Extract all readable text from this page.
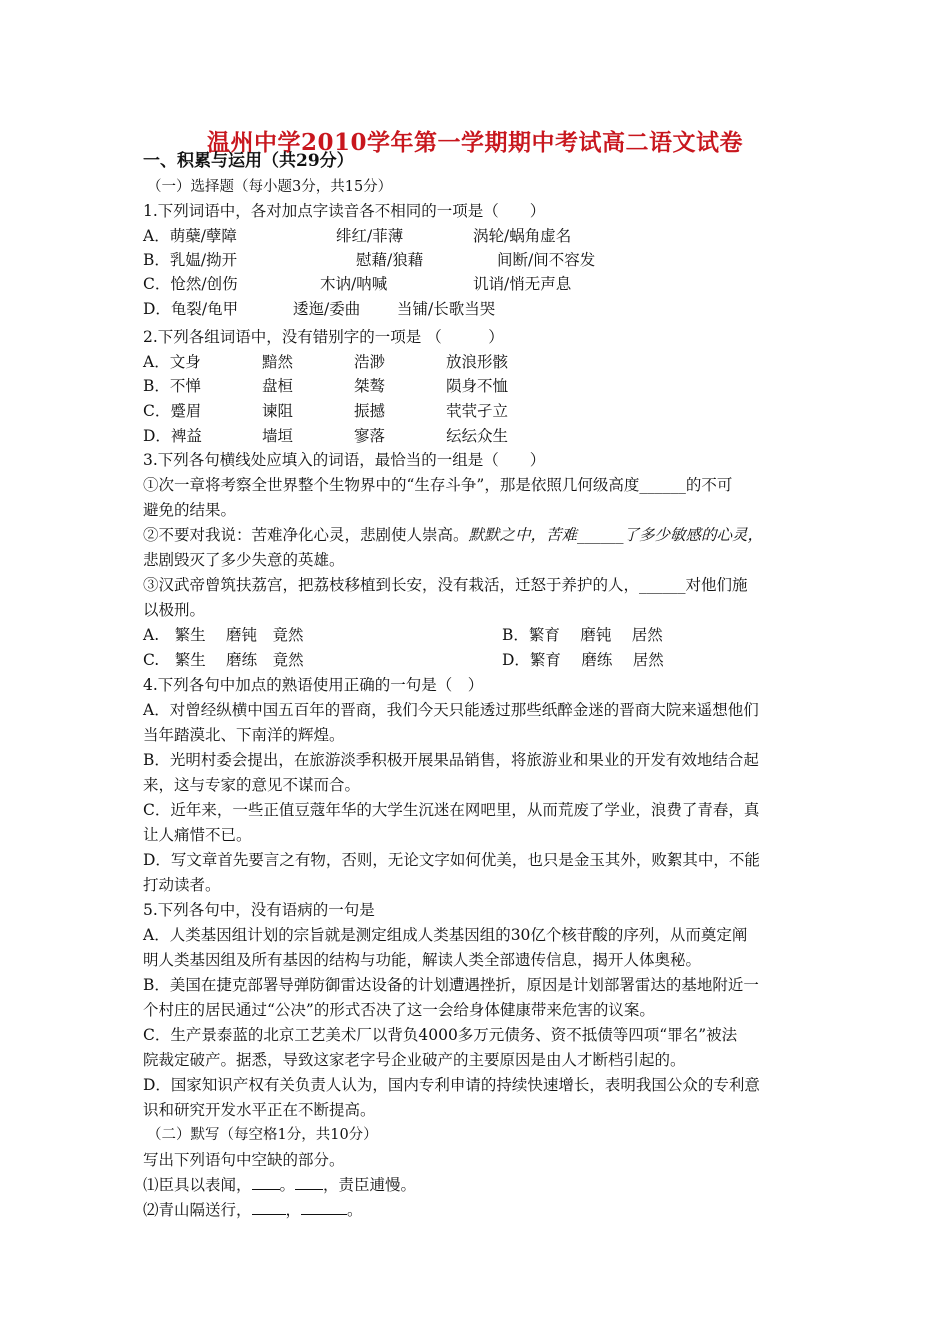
温州中学2010学年第一学期期中考试高二语文试卷
一、积累与运用（共29分）
（一）选择题（每小题3分，共15分）
1.下列词语中，各对加点字读音各不相同的一项是（　　）
A．萌蘖/孽障	绯红/菲薄	涡轮/蜗角虚名
B．乳媪/拗开	慰藉/狼藉	间断/间不容发
C．怆然/创伤	木讷/呐喊	讥诮/悄无声息
D．龟裂/龟甲	逶迤/委曲 当铺/长歌当哭
2.下列各组词语中，没有错别字的一项是 （　　　）
A．文身	黯然	浩渺	放浪形骸
B．不惮	盘桓	桀骜	陨身不恤
C．蹙眉	谏阻	振撼	茕茕孑立
D．裨益	墙垣	寥落	纭纭众生
3.下列各句横线处应填入的词语，最恰当的一组是（　　）
①次一章将考察全世界整个生物界中的“生存斗争”，那是依照几何级高度______的不可
避免的结果。
②不要对我说：苦难净化心灵，悲剧使人崇高。默默之中，苦难______了多少敏感的心灵，
悲剧毁灭了多少失意的英雄。
③汉武帝曾筑扶荔宫，把荔枝移植到长安，没有栽活，迁怒于养护的人，______对他们施
以极刑。
A.　繁生　 磨钝　竟然	B．繁育　 磨钝　 居然
C.　繁生　 磨练　竟然	D．繁育　 磨练　 居然
4.下列各句中加点的熟语使用正确的一句是（　）
A．对曾经纵横中国五百年的晋商，我们今天只能透过那些纸醉金迷的晋商大院来遥想他们
当年踏漠北、下南洋的辉煌。
B．光明村委会提出，在旅游淡季积极开展果品销售，将旅游业和果业的开发有效地结合起
来，这与专家的意见不谋而合。
C．近年来，一些正值豆蔻年华的大学生沉迷在网吧里，从而荒废了学业，浪费了青春，真
让人痛惜不已。
D．写文章首先要言之有物，否则，无论文字如何优美，也只是金玉其外，败絮其中，不能
打动读者。
5.下列各句中，没有语病的一句是
A．人类基因组计划的宗旨就是测定组成人类基因组的30亿个核苷酸的序列，从而奠定阐
明人类基因组及所有基因的结构与功能，解读人类全部遗传信息，揭开人体奥秘。
B．美国在捷克部署导弹防御雷达设备的计划遭遇挫折，原因是计划部署雷达的基地附近一
个村庄的居民通过“公决”的形式否决了这一会给身体健康带来危害的议案。
C．生产景泰蓝的北京工艺美术厂以背负4000多万元债务、资不抵债等四项“罪名”被法
院裁定破产。据悉，导致这家老字号企业破产的主要原因是由人才断档引起的。
D．国家知识产权有关负责人认为，国内专利申请的持续快速增长，表明我国公众的专利意
识和研究开发水平正在不断提高。
（二）默写（每空格1分，共10分）
写出下列语句中空缺的部分。
⑴臣具以表闻， 。 ，责臣逋慢。
⑵青山隔送行， ，	。
